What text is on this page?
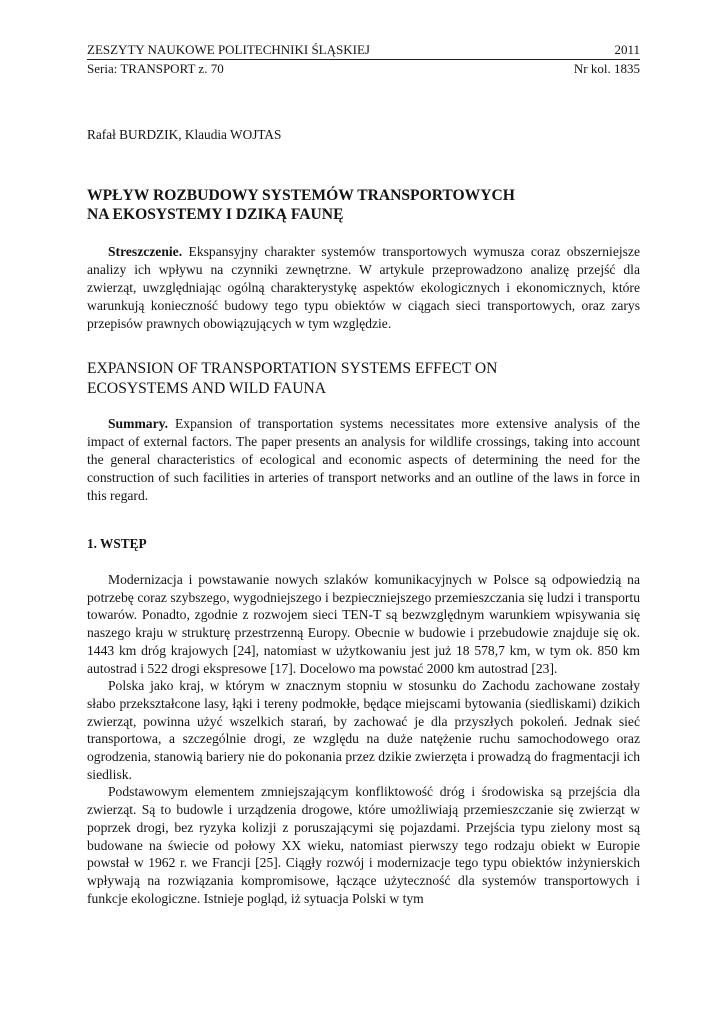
ZESZYTY NAUKOWE POLITECHNIKI ŚLĄSKIEJ	2011
Seria: TRANSPORT z. 70	Nr kol. 1835
Rafał BURDZIK, Klaudia WOJTAS
WPŁYW ROZBUDOWY SYSTEMÓW TRANSPORTOWYCH
NA EKOSYSTEMY I DZIKĄ FAUNĘ

Streszczenie. Ekspansyjny charakter systemów transportowych wymusza coraz obszerniejsze analizy ich wpływu na czynniki zewnętrzne. W artykule przeprowadzono analizę przejść dla zwierząt, uwzględniając ogólną charakterystykę aspektów ekologicznych i ekonomicznych, które warunkują konieczność budowy tego typu obiektów w ciągach sieci transportowych, oraz zarys przepisów prawnych obowiązujących w tym względzie.

EXPANSION OF TRANSPORTATION SYSTEMS EFFECT ON
ECOSYSTEMS AND WILD FAUNA

Summary. Expansion of transportation systems necessitates more extensive analysis of the impact of external factors. The paper presents an analysis for wildlife crossings, taking into account the general characteristics of ecological and economic aspects of determining the need for the construction of such facilities in arteries of transport networks and an outline of the laws in force in this regard.

1. WSTĘP

Modernizacja i powstawanie nowych szlaków komunikacyjnych w Polsce są odpowiedzią na potrzebę coraz szybszego, wygodniejszego i bezpieczniejszego przemieszczania się ludzi i transportu towarów. Ponadto, zgodnie z rozwojem sieci TEN-T są bezwzględnym warunkiem wpisywania się naszego kraju w strukturę przestrzenną Europy. Obecnie w budowie i przebudowie znajduje się ok. 1443 km dróg krajowych [24], natomiast w użytkowaniu jest już 18 578,7 km, w tym ok. 850 km autostrad i 522 drogi ekspresowe [17]. Docelowo ma powstać 2000 km autostrad [23].

Polska jako kraj, w którym w znacznym stopniu w stosunku do Zachodu zachowane zostały słabo przekształcone lasy, łąki i tereny podmokłe, będące miejscami bytowania (siedliskami) dzikich zwierząt, powinna użyć wszelkich starań, by zachować je dla przyszłych pokoleń. Jednak sieć transportowa, a szczególnie drogi, ze względu na duże natężenie ruchu samochodowego oraz ogrodzenia, stanowią bariery nie do pokonania przez dzikie zwierzęta i prowadzą do fragmentacji ich siedlisk.

Podstawowym elementem zmniejszającym konfliktowość dróg i środowiska są przejścia dla zwierząt. Są to budowle i urządzenia drogowe, które umożliwiają przemieszczanie się zwierząt w poprzek drogi, bez ryzyka kolizji z poruszającymi się pojazdami. Przejścia typu zielony most są budowane na świecie od połowy XX wieku, natomiast pierwszy tego rodzaju obiekt w Europie powstał w 1962 r. we Francji [25]. Ciągły rozwój i modernizacje tego typu obiektów inżynierskich wpływają na rozwiązania kompromisowe, łączące użyteczność dla systemów transportowych i funkcje ekologiczne. Istnieje pogląd, iż sytuacja Polski w tym
